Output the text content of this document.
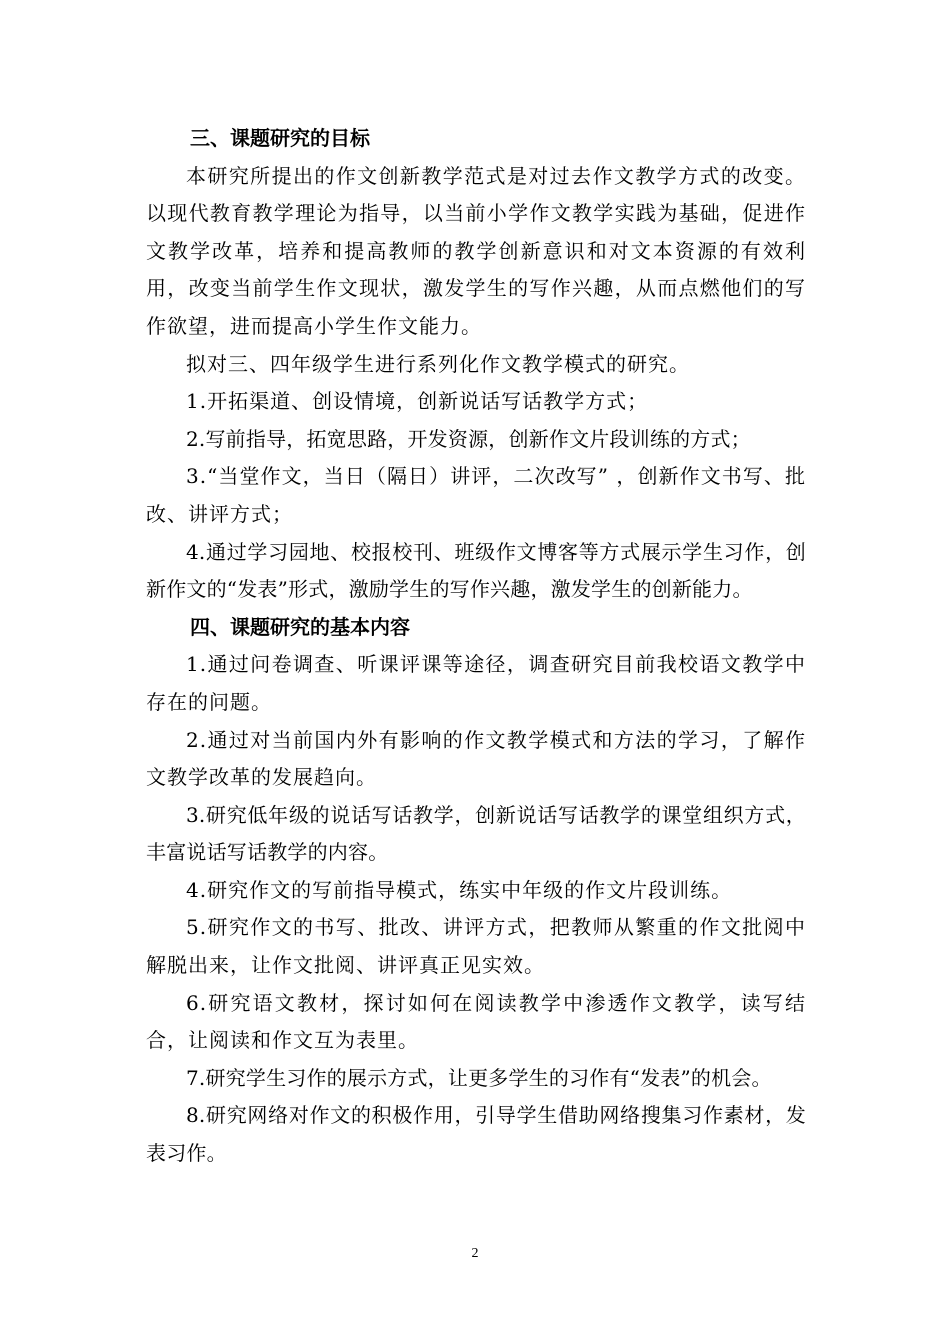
三、课题研究的目标

本研究所提出的作文创新教学范式是对过去作文教学方式的改变。以现代教育教学理论为指导，以当前小学作文教学实践为基础，促进作文教学改革，培养和提高教师的教学创新意识和对文本资源的有效利用，改变当前学生作文现状，激发学生的写作兴趣，从而点燃他们的写作欲望，进而提高小学生作文能力。

拟对三、四年级学生进行系列化作文教学模式的研究。

1.开拓渠道、创设情境，创新说话写话教学方式；

2.写前指导，拓宽思路，开发资源，创新作文片段训练的方式；

3.“当堂作文，当日（隔日）讲评，二次改写” ，创新作文书写、批改、讲评方式；

4.通过学习园地、校报校刊、班级作文博客等方式展示学生习作，创新作文的“发表”形式，激励学生的写作兴趣，激发学生的创新能力。

四、课题研究的基本内容

1.通过问卷调查、听课评课等途径，调查研究目前我校语文教学中存在的问题。

2.通过对当前国内外有影响的作文教学模式和方法的学习，了解作文教学改革的发展趋向。

3.研究低年级的说话写话教学，创新说话写话教学的课堂组织方式，丰富说话写话教学的内容。

4.研究作文的写前指导模式，练实中年级的作文片段训练。

5.研究作文的书写、批改、讲评方式，把教师从繁重的作文批阅中解脱出来，让作文批阅、讲评真正见实效。

6.研究语文教材，探讨如何在阅读教学中渗透作文教学，读写结合，让阅读和作文互为表里。

7.研究学生习作的展示方式，让更多学生的习作有“发表”的机会。

8.研究网络对作文的积极作用，引导学生借助网络搜集习作素材，发表习作。

2
